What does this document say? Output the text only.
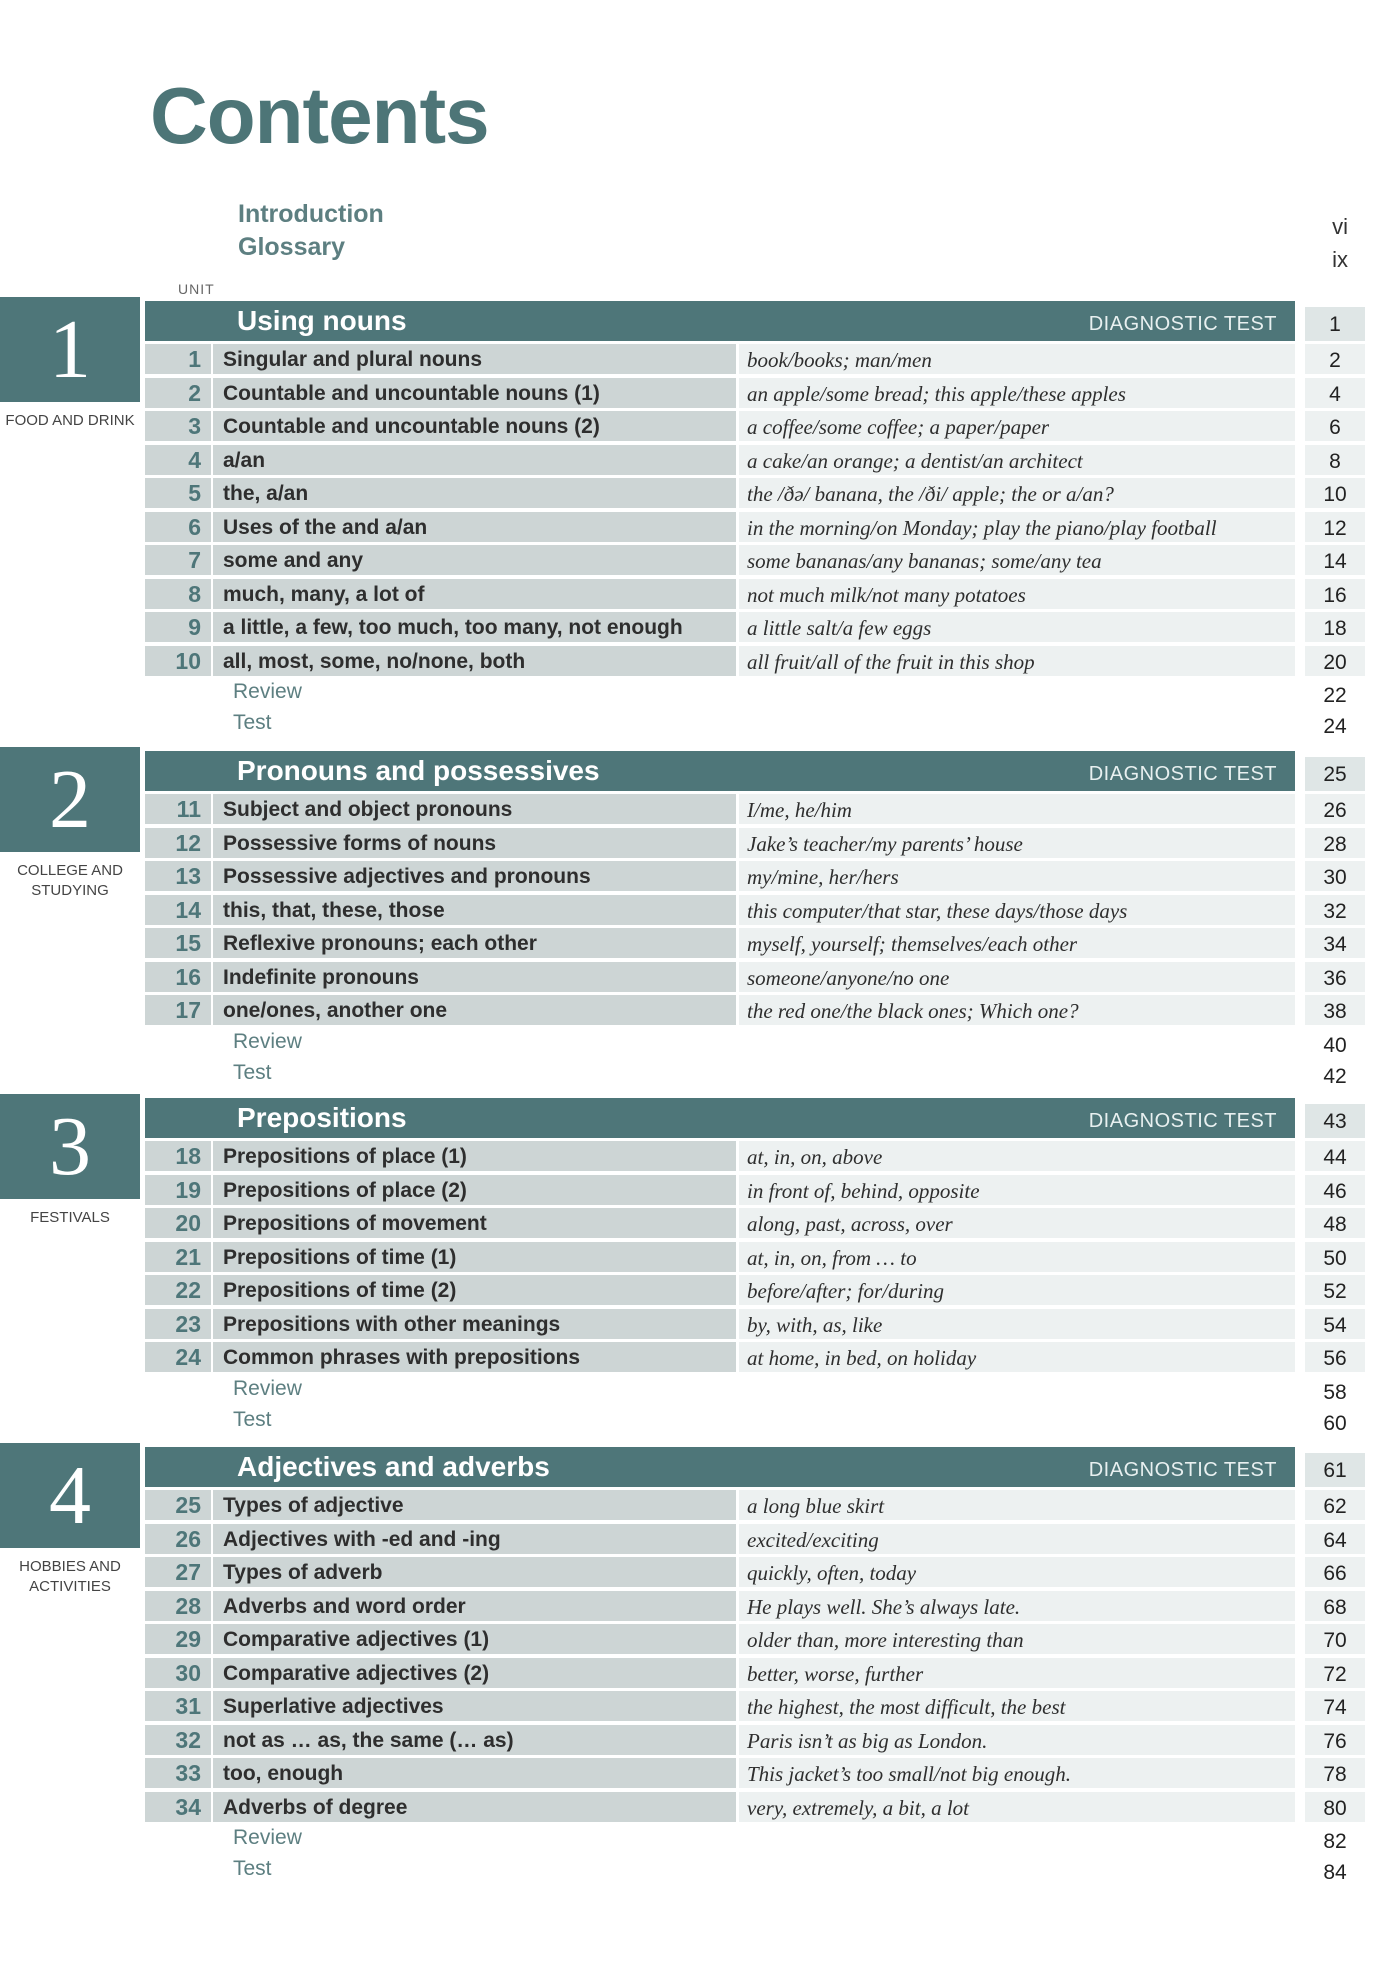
Contents
Introduction	vi
Glossary	ix
UNIT
1
FOOD AND DRINK
Using nouns	DIAGNOSTIC TEST	1
1	Singular and plural nouns	book/books; man/men	2
2	Countable and uncountable nouns (1)	an apple/some bread; this apple/these apples	4
3	Countable and uncountable nouns (2)	a coffee/some coffee; a paper/paper	6
4	a/an	a cake/an orange; a dentist/an architect	8
5	the, a/an	the /ðə/ banana, the /ði/ apple; the or a/an?	10
6	Uses of the and a/an	in the morning/on Monday; play the piano/play football	12
7	some and any	some bananas/any bananas; some/any tea	14
8	much, many, a lot of	not much milk/not many potatoes	16
9	a little, a few, too much, too many, not enough	a little salt/a few eggs	18
10	all, most, some, no/none, both	all fruit/all of the fruit in this shop	20
Review	22
Test	24
2
COLLEGE AND STUDYING
Pronouns and possessives	DIAGNOSTIC TEST	25
11	Subject and object pronouns	I/me, he/him	26
12	Possessive forms of nouns	Jake’s teacher/my parents’ house	28
13	Possessive adjectives and pronouns	my/mine, her/hers	30
14	this, that, these, those	this computer/that star, these days/those days	32
15	Reflexive pronouns; each other	myself, yourself; themselves/each other	34
16	Indefinite pronouns	someone/anyone/no one	36
17	one/ones, another one	the red one/the black ones; Which one?	38
Review	40
Test	42
3
FESTIVALS
Prepositions	DIAGNOSTIC TEST	43
18	Prepositions of place (1)	at, in, on, above	44
19	Prepositions of place (2)	in front of, behind, opposite	46
20	Prepositions of movement	along, past, across, over	48
21	Prepositions of time (1)	at, in, on, from … to	50
22	Prepositions of time (2)	before/after; for/during	52
23	Prepositions with other meanings	by, with, as, like	54
24	Common phrases with prepositions	at home, in bed, on holiday	56
Review	58
Test	60
4
HOBBIES AND ACTIVITIES
Adjectives and adverbs	DIAGNOSTIC TEST	61
25	Types of adjective	a long blue skirt	62
26	Adjectives with -ed and -ing	excited/exciting	64
27	Types of adverb	quickly, often, today	66
28	Adverbs and word order	He plays well. She’s always late.	68
29	Comparative adjectives (1)	older than, more interesting than	70
30	Comparative adjectives (2)	better, worse, further	72
31	Superlative adjectives	the highest, the most difficult, the best	74
32	not as … as, the same (… as)	Paris isn’t as big as London.	76
33	too, enough	This jacket’s too small/not big enough.	78
34	Adverbs of degree	very, extremely, a bit, a lot	80
Review	82
Test	84
